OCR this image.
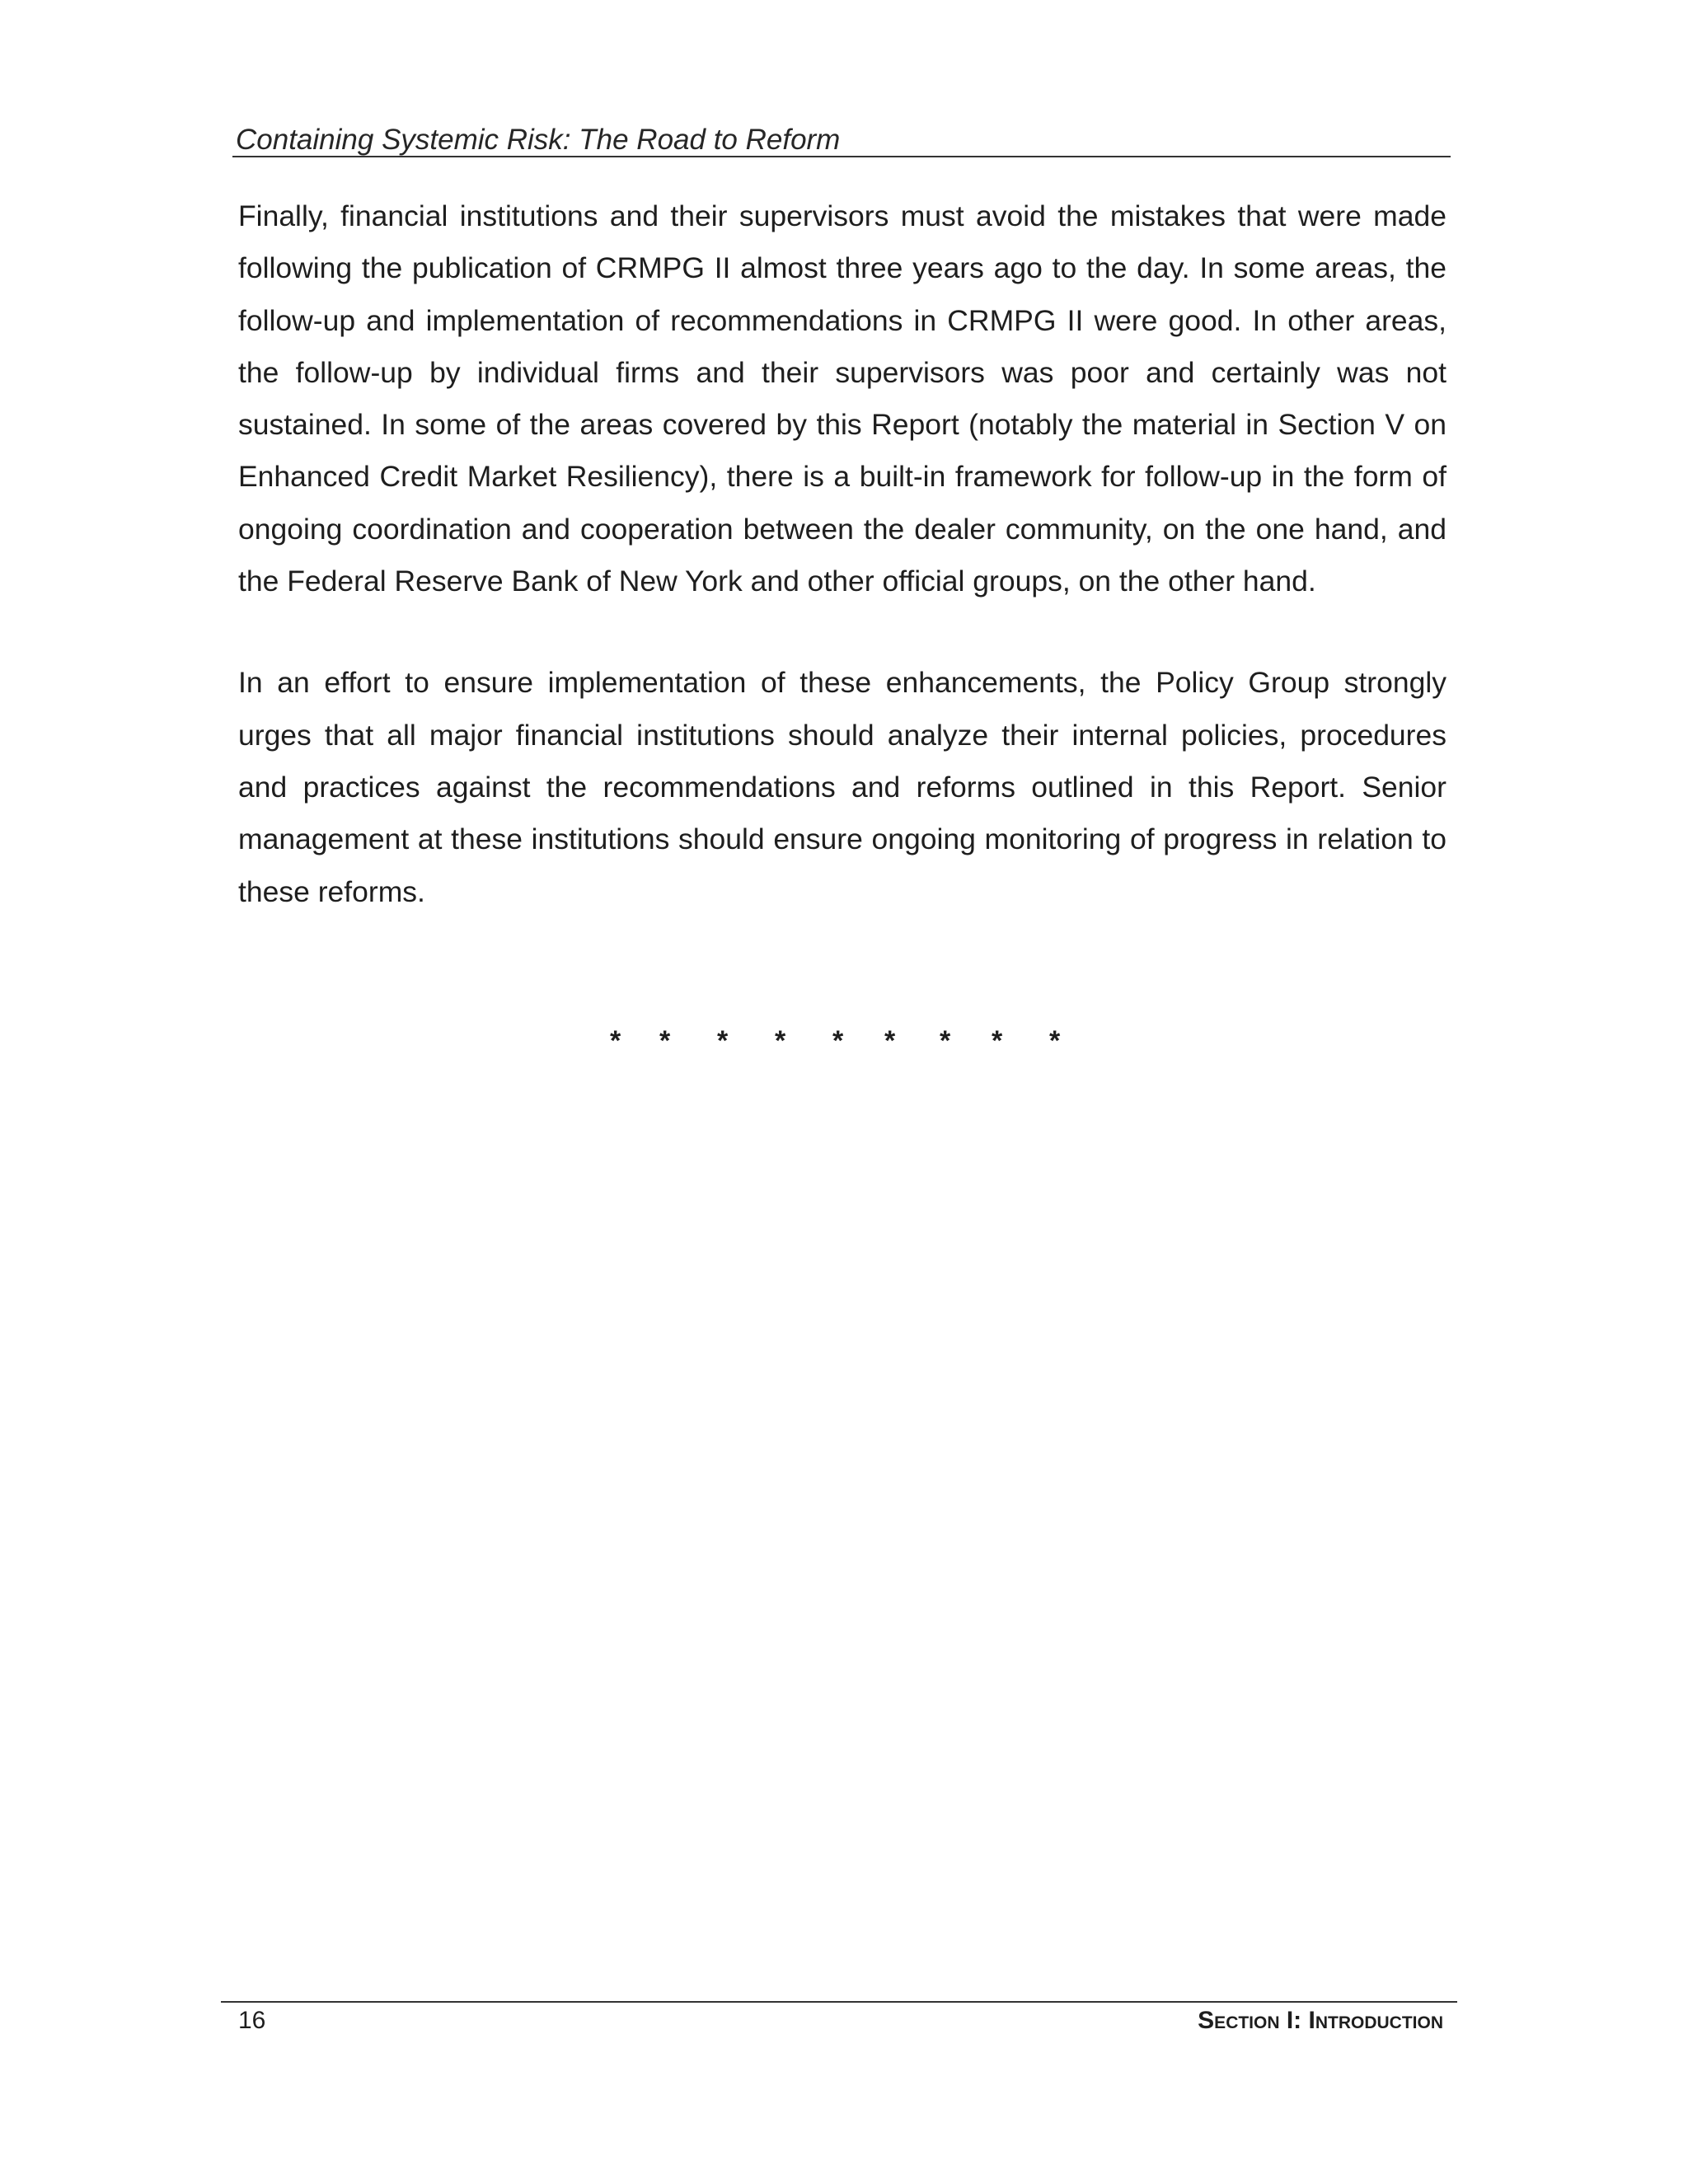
Containing Systemic Risk: The Road to Reform

Finally, financial institutions and their supervisors must avoid the mistakes that were made following the publication of CRMPG II almost three years ago to the day. In some areas, the follow-up and implementation of recommendations in CRMPG II were good. In other areas, the follow-up by individual firms and their supervisors was poor and certainly was not sustained. In some of the areas covered by this Report (notably the material in Section V on Enhanced Credit Market Resiliency), there is a built-in framework for follow-up in the form of ongoing coordination and cooperation between the dealer community, on the one hand, and the Federal Reserve Bank of New York and other official groups, on the other hand.

In an effort to ensure implementation of these enhancements, the Policy Group strongly urges that all major financial institutions should analyze their internal policies, procedures and practices against the recommendations and reforms outlined in this Report. Senior management at these institutions should ensure ongoing monitoring of progress in relation to these reforms.

* * * * * * * * *
16	Section I: Introduction
